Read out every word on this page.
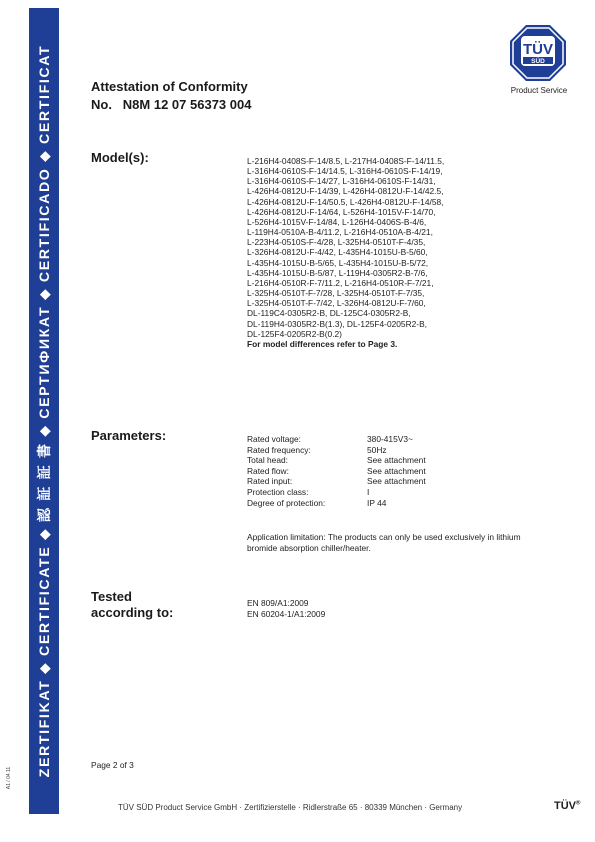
ZERTIFIKAT ◆ CERTIFICATE ◆ 認 証 証 書 ◆ СЕРТИФИКАТ ◆ CERTIFICADO ◆ CERTIFICAT
A1 / 04.11
TÜV
SÜD
Product Service
Attestation of Conformity
No. N8M 12 07 56373 004
Model(s):	L-216H4-0408S-F-14/8.5, L-217H4-0408S-F-14/11.5,
L-316H4-0610S-F-14/14.5, L-316H4-0610S-F-14/19,
L-316H4-0610S-F-14/27, L-316H4-0610S-F-14/31,
L-426H4-0812U-F-14/39, L-426H4-0812U-F-14/42.5,
L-426H4-0812U-F-14/50.5, L-426H4-0812U-F-14/58,
L-426H4-0812U-F-14/64, L-526H4-1015V-F-14/70,
L-526H4-1015V-F-14/84, L-126H4-0406S-B-4/6,
L-119H4-0510A-B-4/11.2, L-216H4-0510A-B-4/21,
L-223H4-0510S-F-4/28, L-325H4-0510T-F-4/35,
L-326H4-0812U-F-4/42, L-435H4-1015U-B-5/60,
L-435H4-1015U-B-5/65, L-435H4-1015U-B-5/72,
L-435H4-1015U-B-5/87, L-119H4-0305R2-B-7/6,
L-216H4-0510R-F-7/11.2, L-216H4-0510R-F-7/21,
L-325H4-0510T-F-7/28, L-325H4-0510T-F-7/35,
L-325H4-0510T-F-7/42, L-326H4-0812U-F-7/60,
DL-119C4-0305R2-B, DL-125C4-0305R2-B,
DL-119H4-0305R2-B(1.3), DL-125F4-0205R2-B,
DL-125F4-0205R2-B(0.2)
For model differences refer to Page 3.
Parameters:	Rated voltage:	380-415V3~
Rated frequency:	50Hz
Total head:	See attachment
Rated flow:	See attachment
Rated input:	See attachment
Protection class:	I
Degree of protection:	IP 44
Application limitation: The products can only be used exclusively in lithium bromide absorption chiller/heater.
Tested
according to:
EN 809/A1:2009
EN 60204-1/A1:2009
Page 2 of 3
TÜV SÜD Product Service GmbH · Zertifizierstelle · Ridlerstraße 65 · 80339 München · Germany	TÜV®
